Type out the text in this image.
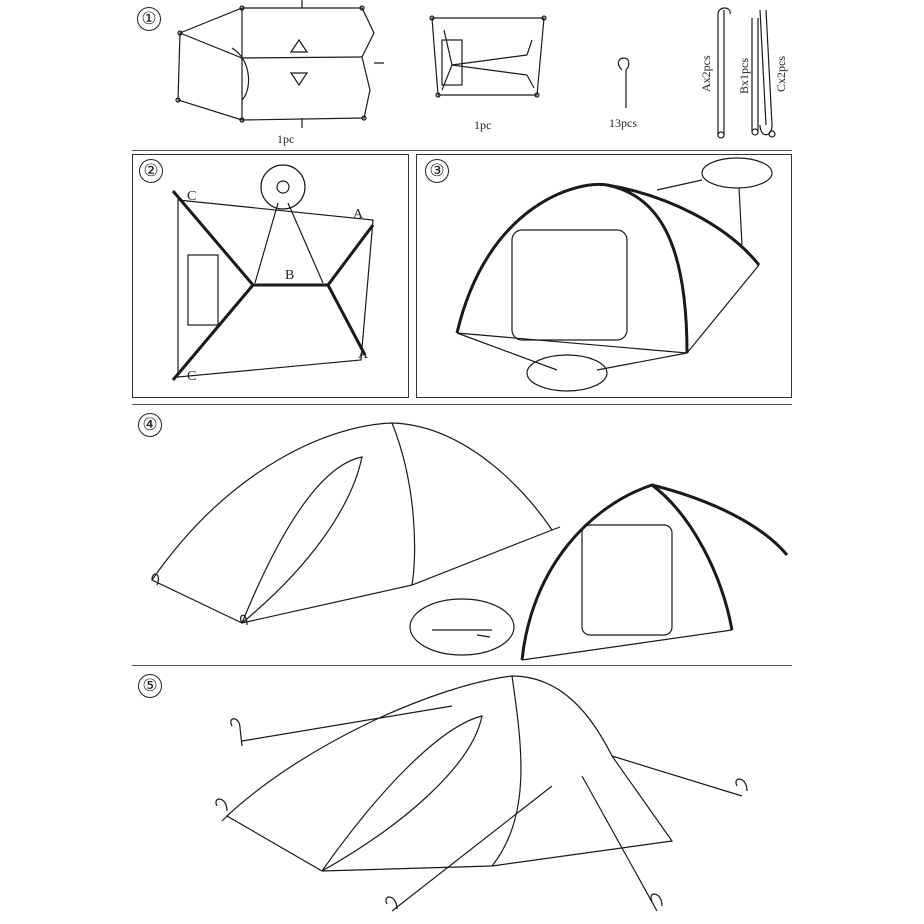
①
1pc
1pc	13pcs
Ax2pcs Bx1pcs Cx2pcs
②
C
C
A
A
B
③
④
⑤
